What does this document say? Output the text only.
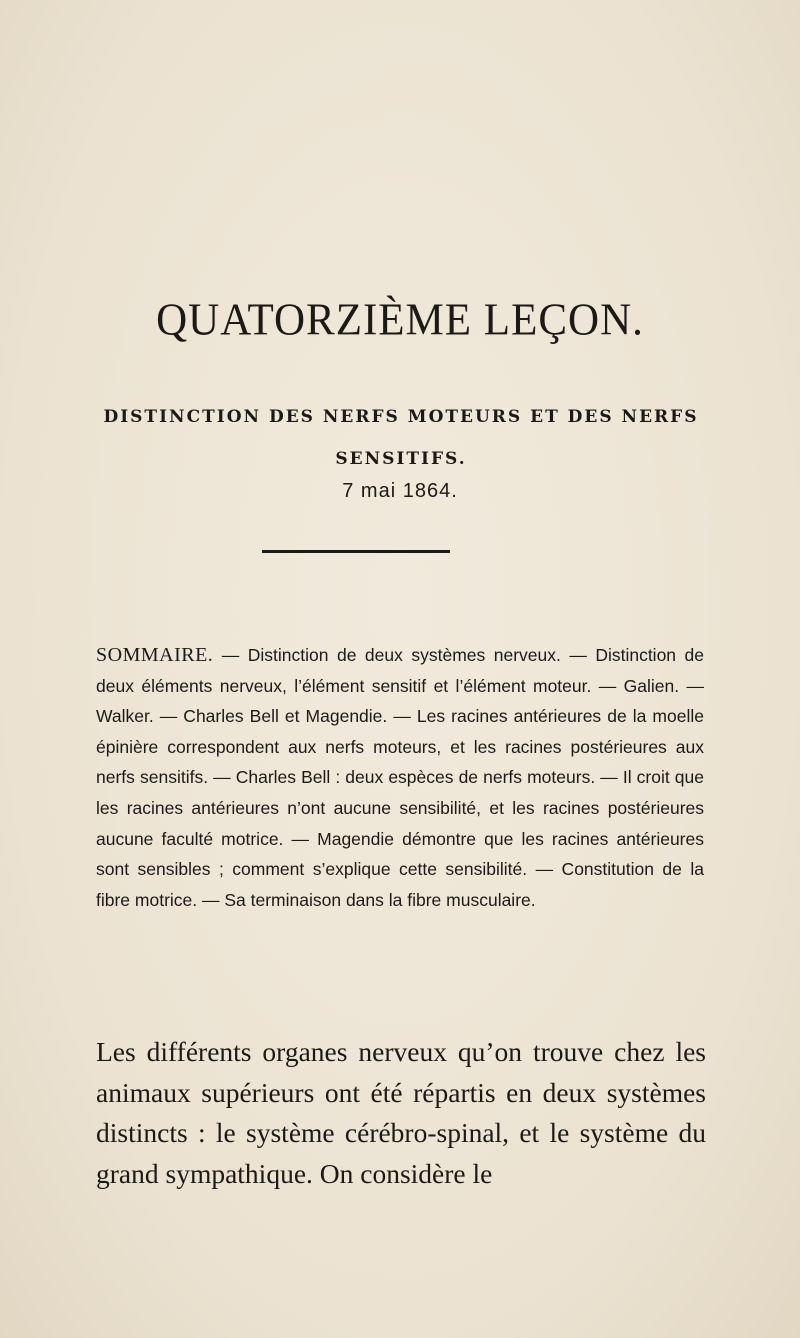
QUATORZIÈME LEÇON.
DISTINCTION DES NERFS MOTEURS ET DES NERFS SENSITIFS.
7 mai 1864.
SOMMAIRE. — Distinction de deux systèmes nerveux. — Distinction de deux éléments nerveux, l’élément sensitif et l’élément moteur. — Galien. — Walker. — Charles Bell et Magendie. — Les racines antérieures de la moelle épinière correspondent aux nerfs moteurs, et les racines postérieures aux nerfs sensitifs. — Charles Bell : deux espèces de nerfs moteurs. — Il croit que les racines antérieures n’ont aucune sensibilité, et les racines postérieures aucune faculté motrice. — Magendie démontre que les racines antérieures sont sensibles ; comment s’explique cette sensibilité. — Constitution de la fibre motrice. — Sa terminaison dans la fibre musculaire.
Les différents organes nerveux qu’on trouve chez les animaux supérieurs ont été répartis en deux systèmes distincts : le système cérébro-spinal, et le système du grand sympathique. On considère le
